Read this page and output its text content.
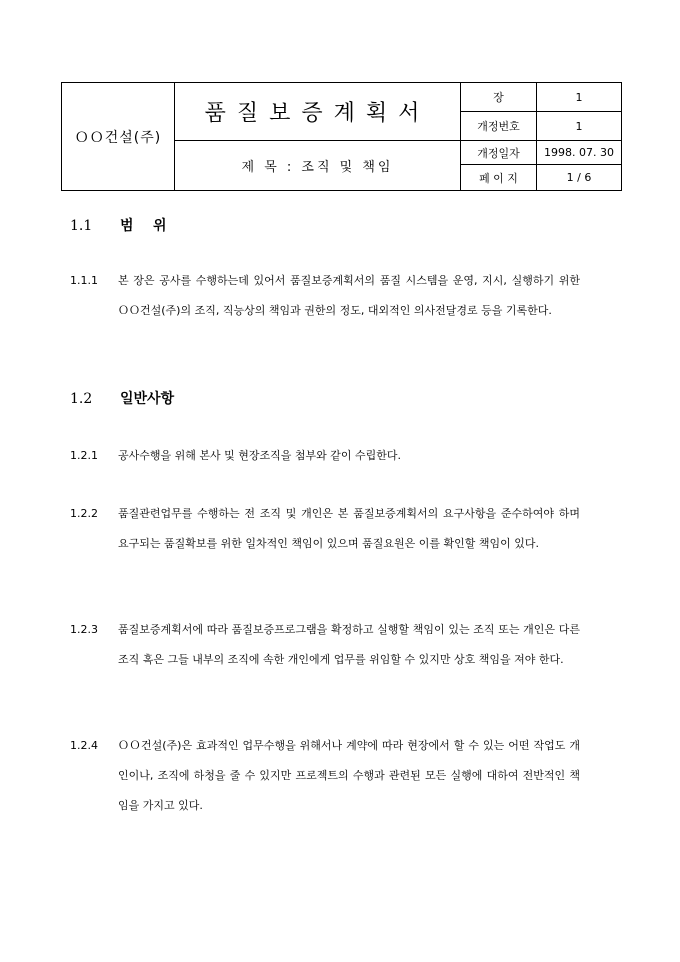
ＯＯ건설(주)
품질보증계획서
제 목 : 조직 및 책임
장	1
개정번호	1
개정일자	1998. 07. 30
페 이 지	1 / 6
1.1 범    위
1.1.1	본 장은 공사를 수행하는데 있어서 품질보증계획서의 품질 시스템을 운영, 지시, 실행하기 위한 ＯＯ건설(주)의 조직, 직능상의 책임과 권한의 정도, 대외적인 의사전달경로 등을 기록한다.
1.2 일반사항
1.2.1	공사수행을 위해 본사 및 현장조직을 첨부와 같이 수립한다.
1.2.2	품질관련업무를 수행하는 전 조직 및 개인은 본 품질보증계획서의 요구사항을 준수하여야 하며 요구되는 품질확보를 위한 일차적인 책임이 있으며 품질요원은 이를 확인할 책임이 있다.
1.2.3	품질보증계획서에 따라 품질보증프로그램을 확정하고 실행할 책임이 있는 조직 또는 개인은 다른 조직 혹은 그들 내부의 조직에 속한 개인에게 업무를 위임할 수 있지만 상호 책임을 져야 한다.
1.2.4	ＯＯ건설(주)은 효과적인 업무수행을 위해서나 계약에 따라 현장에서 할 수 있는 어떤 작업도 개인이나, 조직에 하청을 줄 수 있지만 프로젝트의 수행과 관련된 모든 실행에 대하여 전반적인 책임을 가지고 있다.
